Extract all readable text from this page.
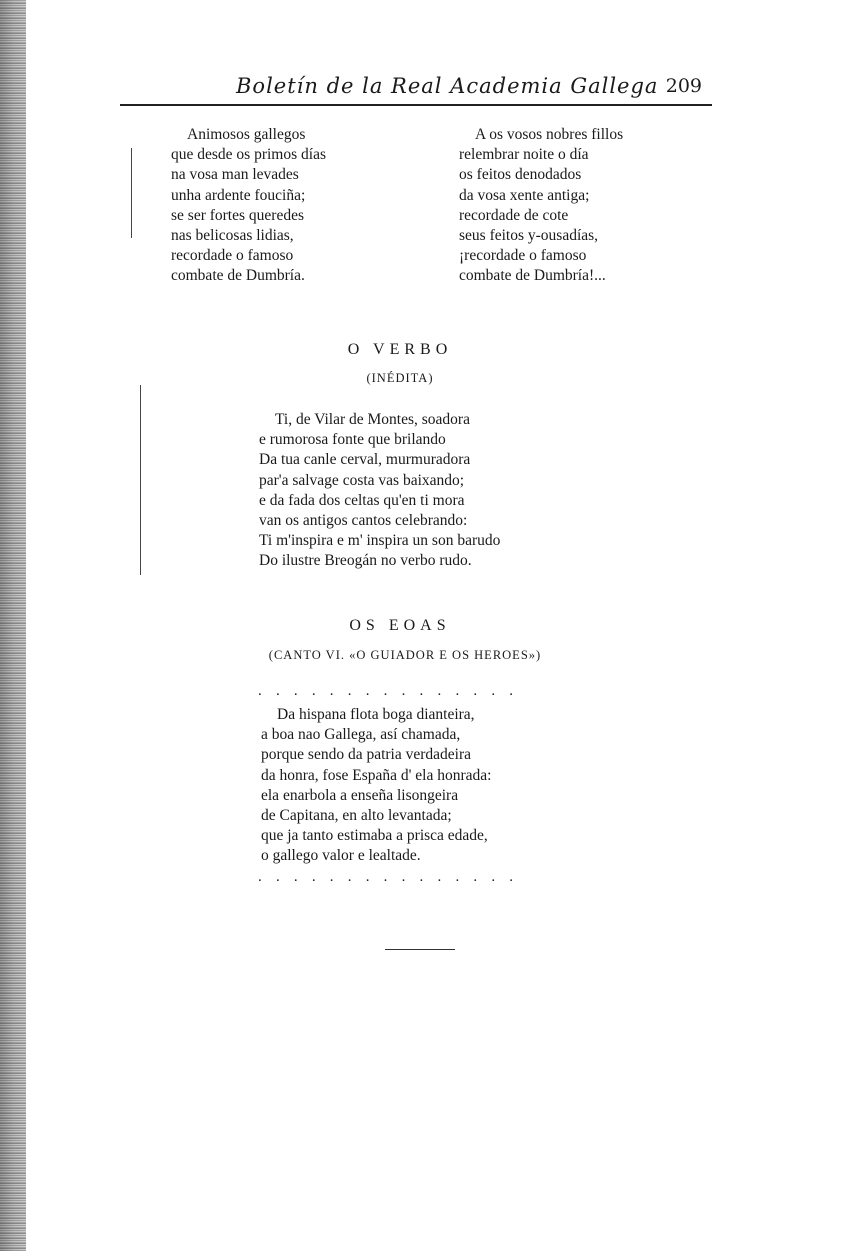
Boletín de la Real Academia Gallega 209
Animosos gallegos
que desde os primos días
na vosa man levades
unha ardente fouciña;
se ser fortes queredes
nas belicosas lidias,
recordade o famoso
combate de Dumbría.
A os vosos nobres fillos
relembrar noite o día
os feitos denodados
da vosa xente antiga;
recordade de cote
seus feitos y-ousadías,
¡recordade o famoso
combate de Dumbría!...
O VERBO
(INÉDITA)
Ti, de Vilar de Montes, soadora
e rumorosa fonte que brilando
Da tua canle cerval, murmuradora
par'a salvage costa vas baixando;
e da fada dos celtas qu'en ti mora
van os antigos cantos celebrando:
Ti m'inspira e m' inspira un son barudo
Do ilustre Breogán no verbo rudo.
OS EOAS
(CANTO VI. «O GUIADOR E OS HEROES»)
...............
Da hispana flota boga dianteira,
a boa nao Gallega, así chamada,
porque sendo da patria verdadeira
da honra, fose España d' ela honrada:
ela enarbola a enseña lisongeira
de Capitana, en alto levantada;
que ja tanto estimaba a prisca edade,
o gallego valor e lealtade.
...............
